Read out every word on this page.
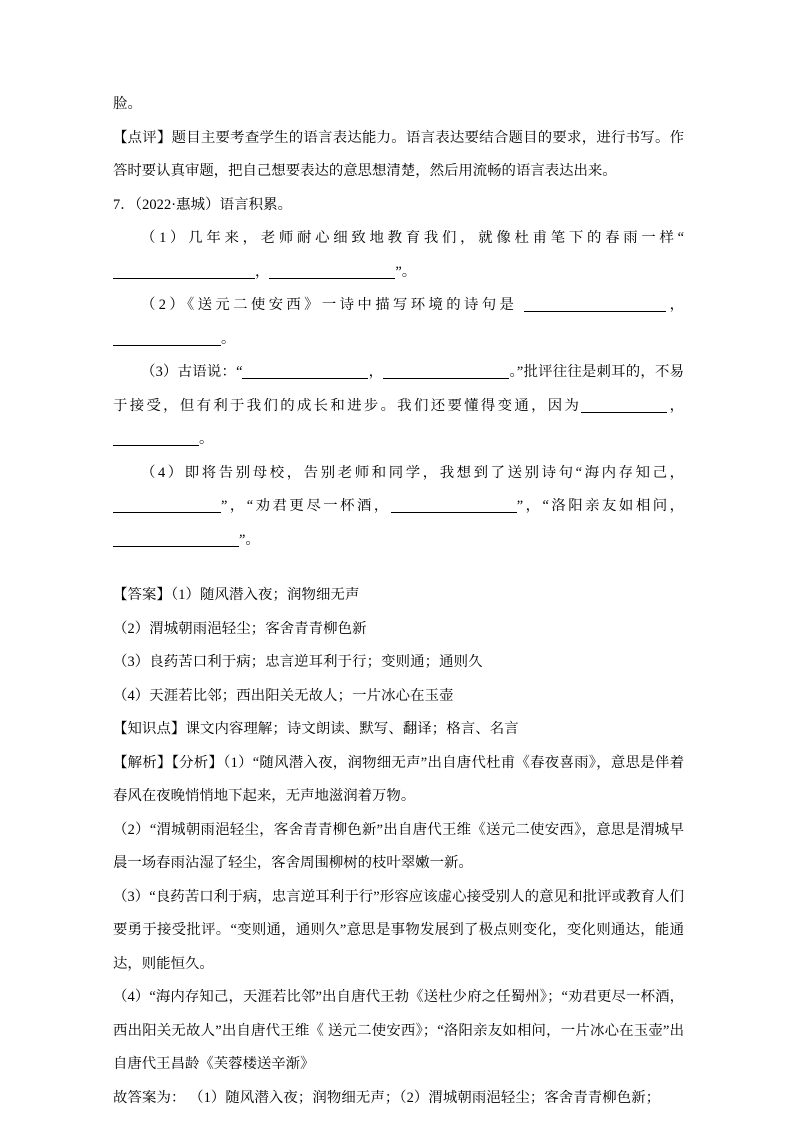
脸。
【点评】题目主要考查学生的语言表达能力。语言表达要结合题目的要求，进行书写。作答时要认真审题，把自己想要表达的意思想清楚，然后用流畅的语言表达出来。
7．（2022·惠城）语言积累。
（1）几年来，老师耐心细致地教育我们，就像杜甫笔下的春雨一样“，	”。
（2）《送元二使安西》一诗中描写环境的诗句是	，。
（3）古语说：“	，	。”批评往往是刺耳的，不易于接受，但有利于我们的成长和进步。我们还要懂得变通，因为	，。
（4）即将告别母校，告别老师和同学，我想到了送别诗句“海内存知己，”，“劝君更尽一杯酒，	”，“洛阳亲友如相问，”。
【答案】（1）随风潜入夜；润物细无声
（2）渭城朝雨浥轻尘；客舍青青柳色新
（3）良药苦口利于病；忠言逆耳利于行；变则通；通则久
（4）天涯若比邻；西出阳关无故人；一片冰心在玉壶
【知识点】课文内容理解；诗文朗读、默写、翻译；格言、名言
【解析】【分析】（1）“随风潜入夜，润物细无声”出自唐代杜甫《春夜喜雨》，意思是伴着春风在夜晚悄悄地下起来，无声地滋润着万物。
（2）“渭城朝雨浥轻尘，客舍青青柳色新”出自唐代王维《送元二使安西》，意思是渭城早晨一场春雨沾湿了轻尘，客舍周围柳树的枝叶翠嫩一新。
（3）“良药苦口利于病，忠言逆耳利于行”形容应该虚心接受别人的意见和批评或教育人们要勇于接受批评。“变则通，通则久”意思是事物发展到了极点则变化，变化则通达，能通达，则能恒久。
（4）“海内存知己，天涯若比邻”出自唐代王勃《送杜少府之任蜀州》；“劝君更尽一杯酒，西出阳关无故人”出自唐代王维《 送元二使安西》；“洛阳亲友如相问，一片冰心在玉壶”出自唐代王昌龄《芙蓉楼送辛渐》
故答案为： （1）随风潜入夜；润物细无声；（2）渭城朝雨浥轻尘；客舍青青柳色新；
